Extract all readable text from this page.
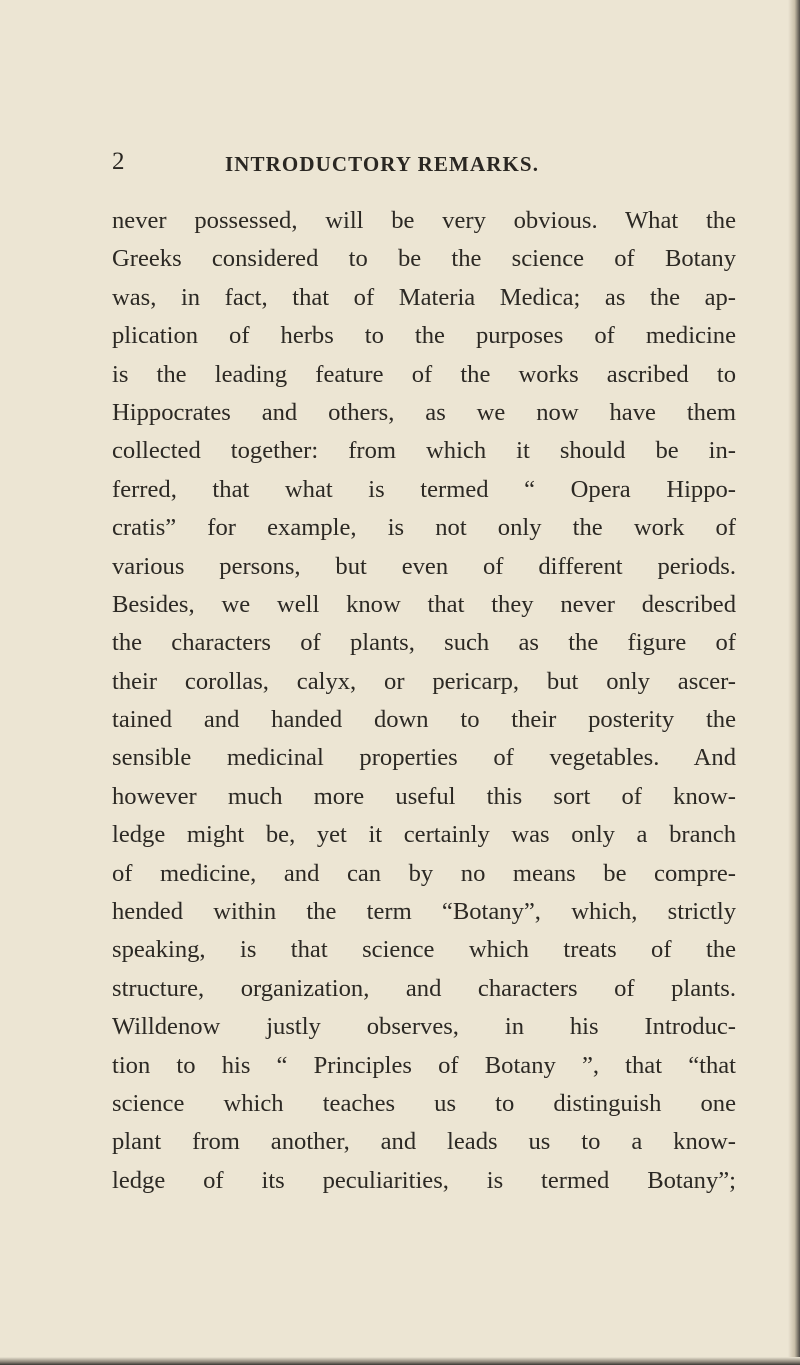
2	INTRODUCTORY REMARKS.
never possessed, will be very obvious. What the
Greeks considered to be the science of Botany
was, in fact, that of Materia Medica; as the ap-
plication of herbs to the purposes of medicine
is the leading feature of the works ascribed to
Hippocrates and others, as we now have them
collected together: from which it should be in-
ferred, that what is termed “ Opera Hippo-
cratis” for example, is not only the work of
various persons, but even of different periods.
Besides, we well know that they never described
the characters of plants, such as the figure of
their corollas, calyx, or pericarp, but only ascer-
tained and handed down to their posterity the
sensible medicinal properties of vegetables. And
however much more useful this sort of know-
ledge might be, yet it certainly was only a branch
of medicine, and can by no means be compre-
hended within the term “Botany”, which, strictly
speaking, is that science which treats of the
structure, organization, and characters of plants.
Willdenow justly observes, in his Introduc-
tion to his “ Principles of Botany ”, that “that
science which teaches us to distinguish one
plant from another, and leads us to a know-
ledge of its peculiarities, is termed Botany”;
